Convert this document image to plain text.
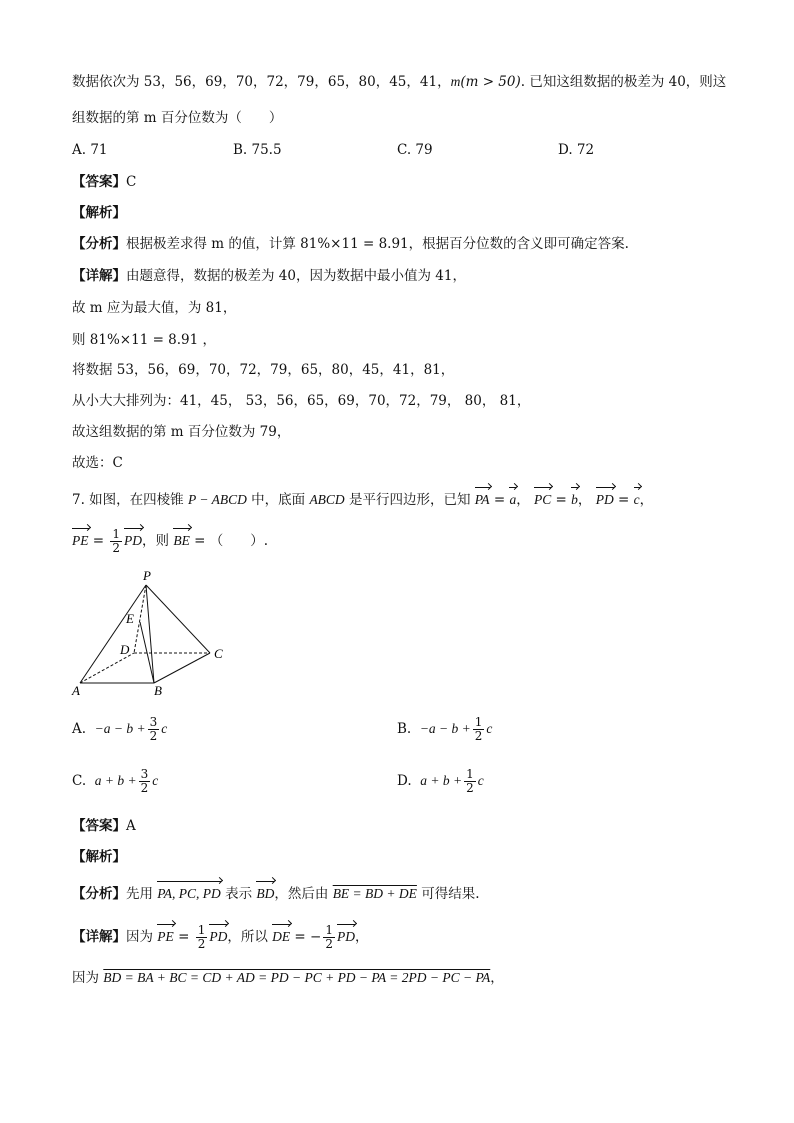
数据依次为 53，56，69，70，72，79，65，80，45，41，m(m > 50). 已知这组数据的极差为 40，则这
组数据的第 m 百分位数为（　　）
A. 71	B. 75.5	C. 79	D. 72
【答案】C
【解析】
【分析】根据极差求得 m 的值，计算 81%×11 = 8.91，根据百分位数的含义即可确定答案.
【详解】由题意得，数据的极差为 40，因为数据中最小值为 41，
故 m 应为最大值，为 81，
则 81%×11 = 8.91 ，
将数据 53，56，69，70，72，79，65，80，45，41，81，
从小大大排列为：41，45， 53，56，65，69，70，72，79， 80， 81，
故这组数据的第 m 百分位数为 79，
故选：C
7. 如图，在四棱锥 P − ABCD 中，底面 ABCD 是平行四边形，已知 PA = a， PC = b， PD = c，
PE = $\frac{1}{2}$ PD，则 BE = （　　）.
P
E
D	C
A	B
A. $-a - b + \frac{3}{2}$ c	B. $-a - b + \frac{1}{2}$ c
C. $a + b + \frac{3}{2}$ c	D. $a + b + \frac{1}{2}$ c
【答案】A
【解析】
【分析】先用 PA, PC, PD 表示 BD，然后由 BE = BD + DE 可得结果.
【详解】因为 PE = $\frac{1}{2}$ PD，所以 DE = − $\frac{1}{2}$ PD，
因为 BD = BA + BC = CD + AD = PD − PC + PD − PA = 2PD − PC − PA，
